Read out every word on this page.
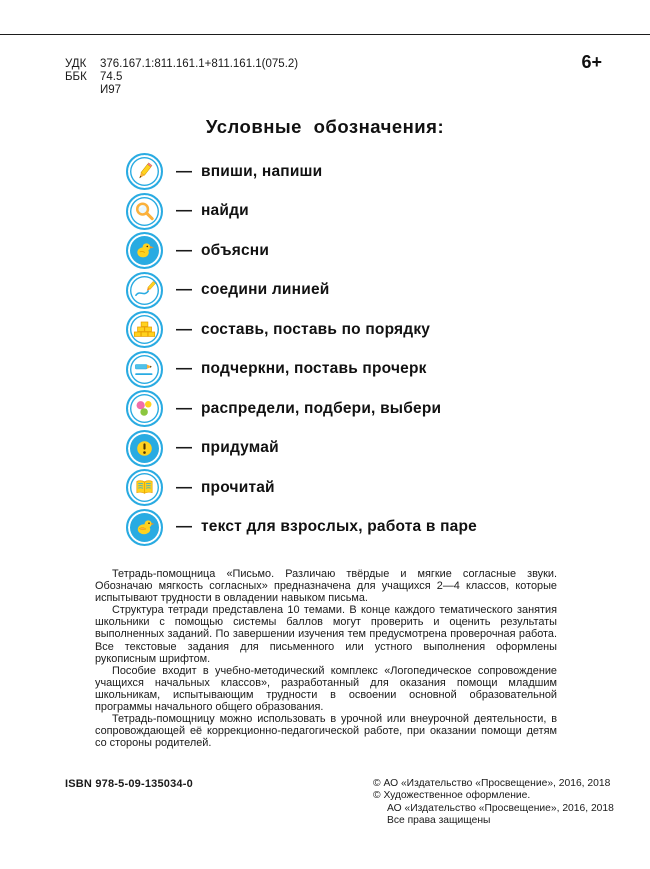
УДК	376.167.1:811.161.1+811.161.1(075.2)
ББК	74.5
И97
6+
Условные обозначения:
— впиши, напиши
— найди
— объясни
— соедини линией
— составь, поставь по порядку
— подчеркни, поставь прочерк
— распредели, подбери, выбери
— придумай
— прочитай
— текст для взрослых, работа в паре

Тетрадь-помощница «Письмо. Различаю твёрдые и мягкие согласные звуки. Обозначаю мягкость согласных» предназначена для учащихся 2—4 классов, которые испытывают трудности в овладении навыком письма.

Структура тетради представлена 10 темами. В конце каждого тематического занятия школьники с помощью системы баллов могут проверить и оценить результаты выполненных заданий. По завершении изучения тем предусмотрена проверочная работа. Все текстовые задания для письменного или устного выполнения оформлены рукописным шрифтом.

Пособие входит в учебно-методический комплекс «Логопедическое сопровождение учащихся начальных классов», разработанный для оказания помощи младшим школьникам, испытывающим трудности в освоении основной образовательной программы начального общего образования.

Тетрадь-помощницу можно использовать в урочной или внеурочной деятельности, в сопровождающей её коррекционно-педагогической работе, при оказании помощи детям со стороны родителей.

ISBN 978-5-09-135034-0	© АО «Издательство «Просвещение», 2016, 2018
© Художественное оформление.
АО «Издательство «Просвещение», 2016, 2018
Все права защищены
